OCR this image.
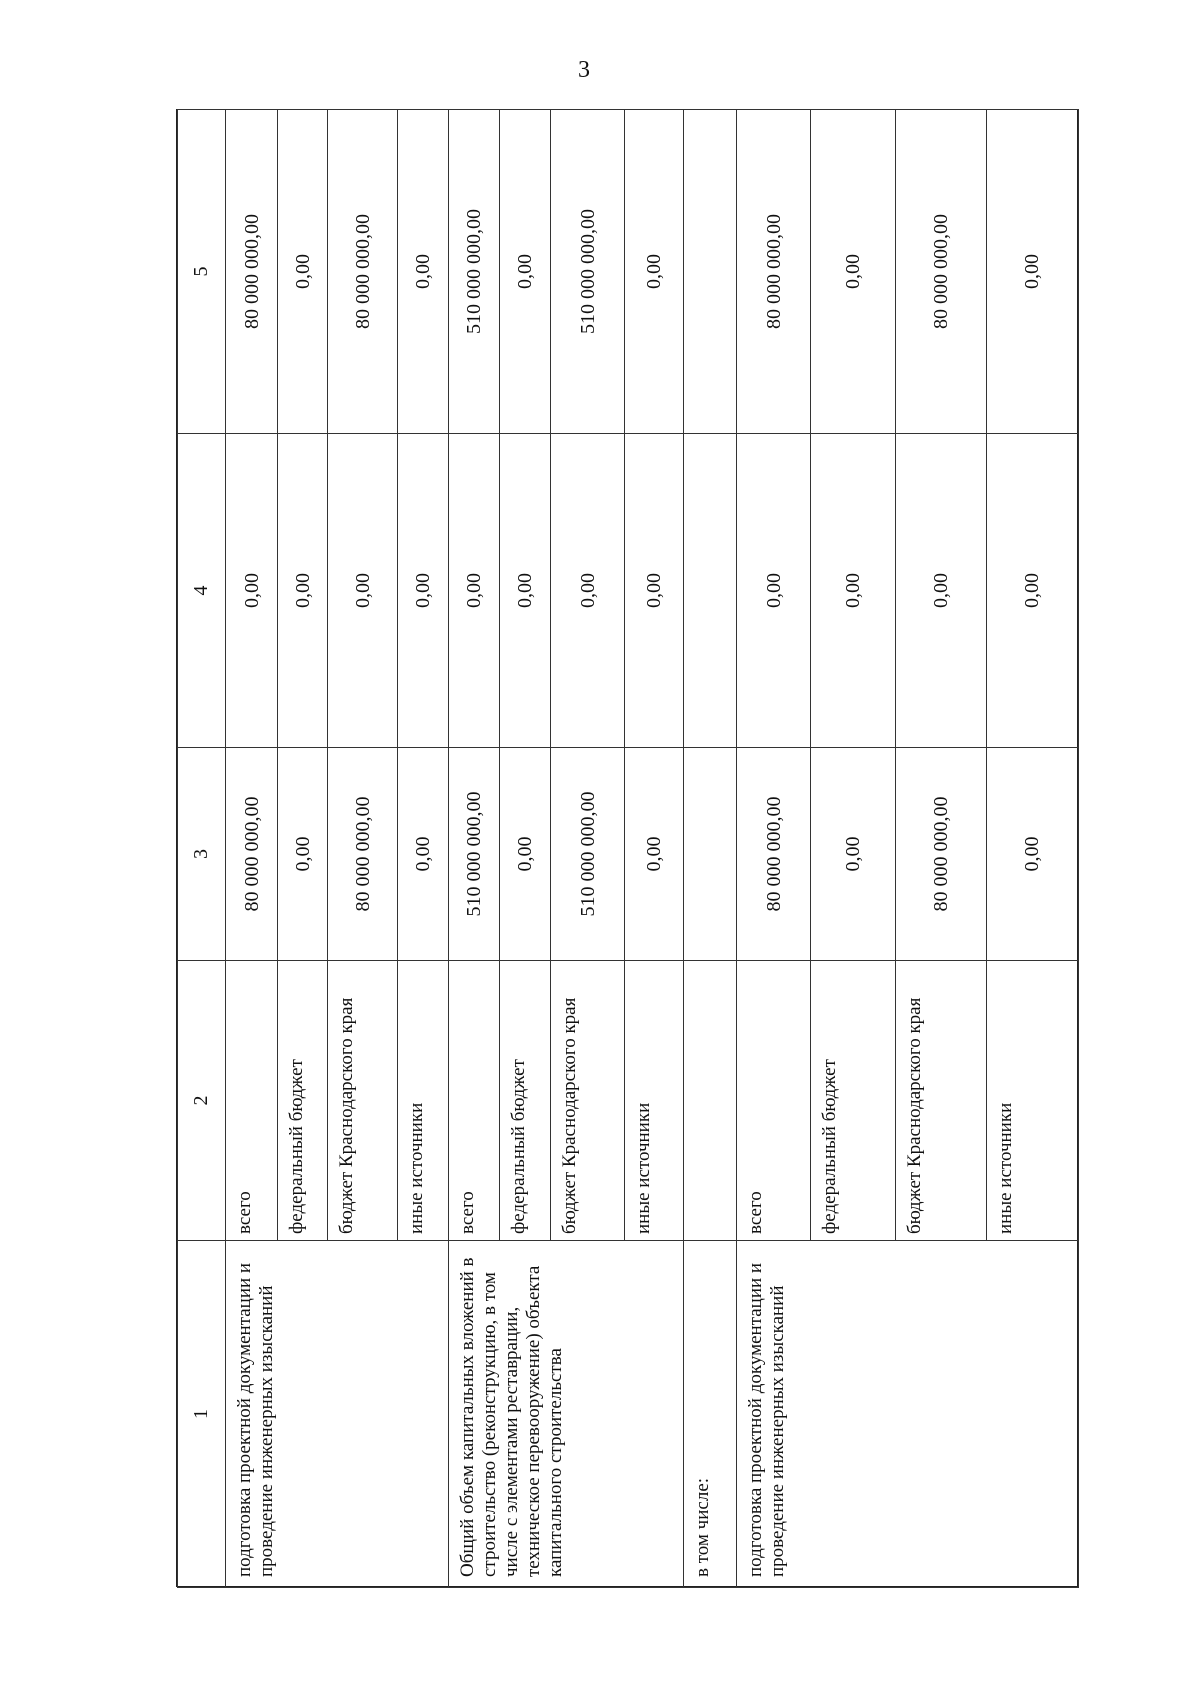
3
1	2	3	4	5
подготовка проектной документации и проведение инженерных изысканий	всего	80 000 000,00	0,00	80 000 000,00
	федеральный бюджет	0,00	0,00	0,00
	бюджет Краснодарского края	80 000 000,00	0,00	80 000 000,00
	иные источники	0,00	0,00	0,00
Общий объем капитальных вложений в строительство (реконструкцию, в том числе с элементами реставрации, техническое перевооружение) объекта капитального строительства	всего	510 000 000,00	0,00	510 000 000,00
	федеральный бюджет	0,00	0,00	0,00
	бюджет Краснодарского края	510 000 000,00	0,00	510 000 000,00
	иные источники	0,00	0,00	0,00
в том числе:				
подготовка проектной документации и проведение инженерных изысканий	всего	80 000 000,00	0,00	80 000 000,00
	федеральный бюджет	0,00	0,00	0,00
	бюджет Краснодарского края	80 000 000,00	0,00	80 000 000,00
	иные источники	0,00	0,00	0,00
